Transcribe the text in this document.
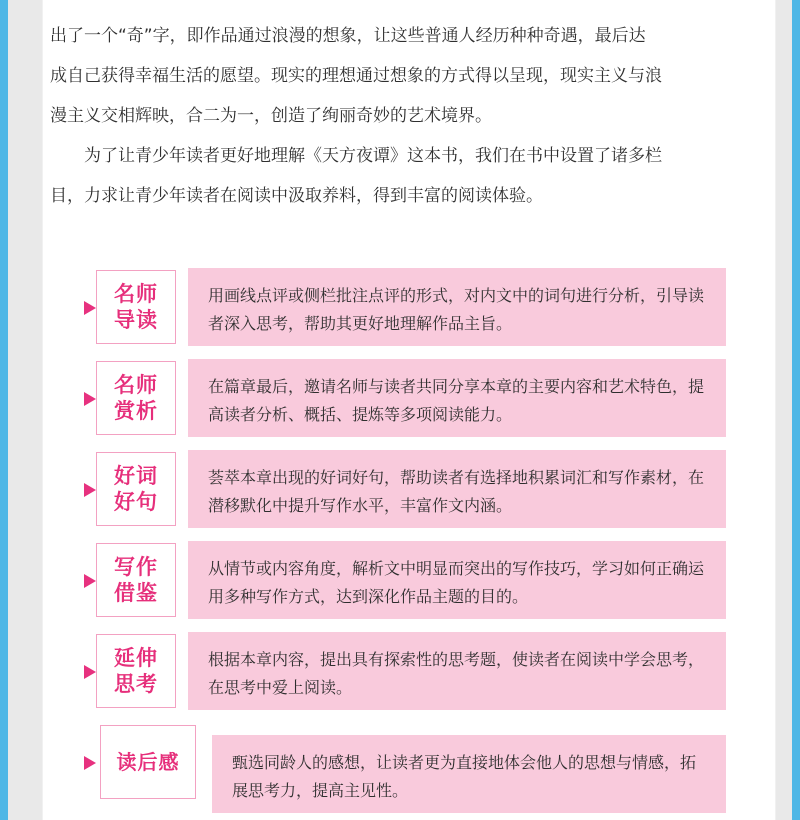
出了一个“奇”字，即作品通过浪漫的想象，让这些普通人经历种种奇遇，最后达

成自己获得幸福生活的愿望。现实的理想通过想象的方式得以呈现，现实主义与浪

漫主义交相辉映，合二为一，创造了绚丽奇妙的艺术境界。

为了让青少年读者更好地理解《天方夜谭》这本书，我们在书中设置了诸多栏

目，力求让青少年读者在阅读中汲取养料，得到丰富的阅读体验。

名师
导读
用画线点评或侧栏批注点评的形式，对内文中的词句进行分析，引导读者深入思考，帮助其更好地理解作品主旨。
名师
赏析
在篇章最后，邀请名师与读者共同分享本章的主要内容和艺术特色，提高读者分析、概括、提炼等多项阅读能力。
好词
好句
荟萃本章出现的好词好句，帮助读者有选择地积累词汇和写作素材，在潜移默化中提升写作水平，丰富作文内涵。
写作
借鉴
从情节或内容角度，解析文中明显而突出的写作技巧，学习如何正确运用多种写作方式，达到深化作品主题的目的。
延伸
思考
根据本章内容，提出具有探索性的思考题，使读者在阅读中学会思考，在思考中爱上阅读。
读后感	甄选同龄人的感想，让读者更为直接地体会他人的思想与情感，拓展思考力，提高主见性。
